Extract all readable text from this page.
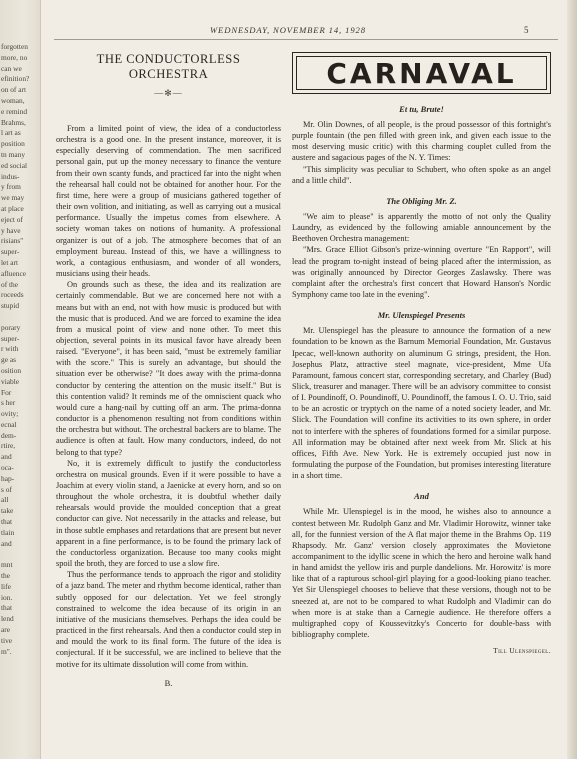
forgotten
more, no
can we
efinition?
on of art
woman,
e remind
Brahms,
l art as
position
tn many
ed social
indus-
y from
we may
at place
eject of
y have
risians"
super-
let art
afluence
of the
roceeds
stupid

porary
super-
r with
ge as
osition
viable
For
s her
ovity;
ecnal
dem-
rtire,
and
oca-
hap-
s of
all
take
that
tlain
and

mnt
the
life
ion.
that
lend
are
tive
m".
WEDNESDAY, NOVEMBER 14, 1928	5
THE CONDUCTORLESS ORCHESTRA
—✻—

From a limited point of view, the idea of a conductorless orchestra is a good one. In the present instance, moreover, it is especially deserving of commendation. The men sacrificed personal gain, put up the money necessary to finance the venture from their own scanty funds, and practiced far into the night when the rehearsal hall could not be obtained for another hour. For the first time, here were a group of musicians gathered together of their own volition, and initiating, as well as carrying out a musical performance. Usually the impetus comes from elsewhere. A society woman takes on notions of humanity. A professional organizer is out of a job. The atmosphere becomes that of an employment bureau. Instead of this, we have a willingness to work, a contagious enthusiasm, and wonder of all wonders, musicians using their heads.

On grounds such as these, the idea and its realization are certainly commendable. But we are concerned here not with a means but with an end, not with how music is produced but with the music that is produced. And we are forced to examine the idea from a musical point of view and none other. To meet this objection, several points in its musical favor have already been raised. "Everyone", it has been said, "must be extremely familiar with the score." This is surely an advantage, but should the situation ever be otherwise? "It does away with the prima-donna conductor by centering the attention on the music itself." But is this contention valid? It reminds me of the omniscient quack who would cure a hang-nail by cutting off an arm. The prima-donna conductor is a phenomenon resulting not from conditions within the orchestra but without. The orchestral backers are to blame. The audience is often at fault. How many conductors, indeed, do not belong to that type?

No, it is extremely difficult to justify the conductorless orchestra on musical grounds. Even if it were possible to have a Joachim at every violin stand, a Jaenicke at every horn, and so on throughout the whole orchestra, it is doubtful whether daily rehearsals would provide the moulded conception that a great conductor can give. Not necessarily in the attacks and release, but in those subtle emphases and retardations that are present but never apparent in a fine performance, is to be found the primary lack of the conductorless organization. Because too many cooks might spoil the broth, they are forced to use a slow fire.

Thus the performance tends to approach the rigor and stolidity of a jazz band. The meter and rhythm become identical, rather than subtly opposed for our delectation. Yet we feel strongly constrained to welcome the idea because of its origin in an initiative of the musicians themselves. Perhaps the idea could be practiced in the first rehearsals. And then a conductor could step in and mould the work to its final form. The future of the idea is conjectural. If it be successful, we are inclined to believe that the motive for its ultimate dissolution will come from within.

B.
CARNAVAL
Et tu, Brute!

Mr. Olin Downes, of all people, is the proud possessor of this fortnight's purple fountain (the pen filled with green ink, and given each issue to the most deserving music critic) with this charming couplet culled from the austere and sagacious pages of the N. Y. Times:

"This simplicity was peculiar to Schubert, who often spoke as an angel and a little child".

The Obliging Mr. Z.

"We aim to please" is apparently the motto of not only the Quality Laundry, as evidenced by the following amiable announcement by the Beethoven Orchestra management:

"Mrs. Grace Elliot Gibson's prize-winning overture "En Rapport", will lead the program to-night instead of being placed after the intermission, as was originally announced by Director Georges Zaslawsky. There was complaint after the orchestra's first concert that Howard Hanson's Nordic Symphony came too late in the evening".

Mr. Ulenspiegel Presents

Mr. Ulenspiegel has the pleasure to announce the formation of a new foundation to be known as the Barnum Memorial Foundation, Mr. Gustavus Ipecac, well-known authority on aluminum G strings, president, the Hon. Josephus Platz, attractive steel magnate, vice-president, Mme Ufa Paramount, famous concert star, corresponding secretary, and Charley (Bud) Slick, treasurer and manager. There will be an advisory committee to consist of I. Poundinoff, O. Poundinoff, U. Poundinoff, the famous I. O. U. Trio, said to be an acrostic or tryptych on the name of a noted society leader, and Mr. Slick. The Foundation will confine its activities to its own sphere, in order not to interfere with the spheres of foundations formed for a similar purpose. All information may be obtained after next week from Mr. Slick at his offices, Fifth Ave. New York. He is extremely occupied just now in formulating the purpose of the Foundation, but promises interesting literature in a short time.

And

While Mr. Ulenspiegel is in the mood, he wishes also to announce a contest between Mr. Rudolph Ganz and Mr. Vladimir Horowitz, winner take all, for the funniest version of the A flat major theme in the Brahms Op. 119 Rhapsody. Mr. Ganz' version closely approximates the Movietone accompaniment to the idyllic scene in which the hero and heroine walk hand in hand amidst the yellow iris and purple dandelions. Mr. Horowitz' is more like that of a rapturous school-girl playing for a good-looking piano teacher. Yet Sir Ulenspiegel chooses to believe that these versions, though not to be sneezed at, are not to be compared to what Rudolph and Vladimir can do when more is at stake than a Carnegie audience. He therefore offers a multigraphed copy of Koussevitzky's Concerto for double-bass with bibliography complete.

Till Ulenspiegel.
